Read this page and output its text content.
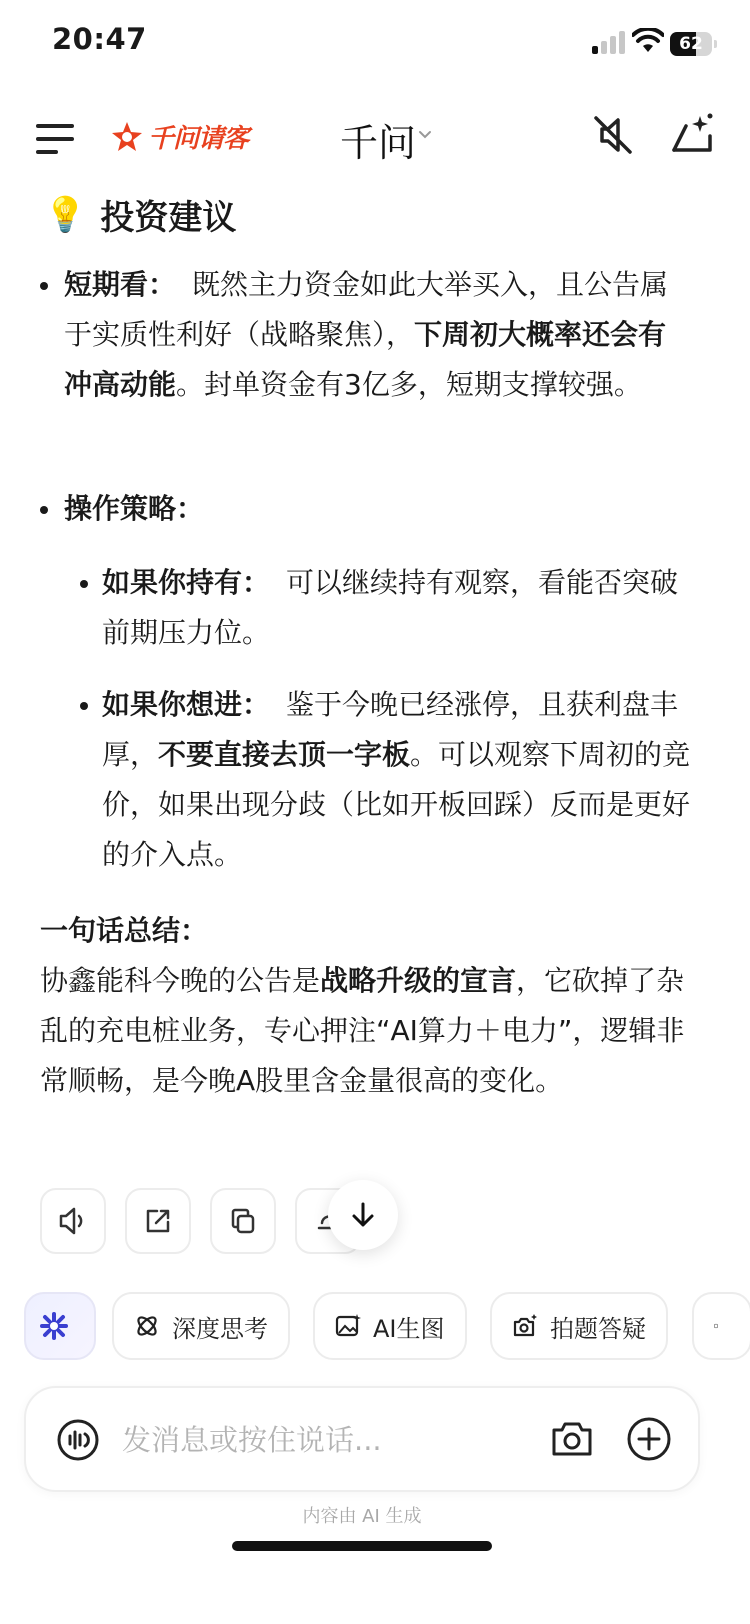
20:47	62
千问请客 千问
💡 投资建议
短期看： 既然主力资金如此大举买入，且公告属于实质性利好（战略聚焦），下周初大概率还会有冲高动能。封单资金有3亿多，短期支撑较强。
操作策略：
如果你持有： 可以继续持有观察，看能否突破前期压力位。
如果你想进： 鉴于今晚已经涨停，且获利盘丰厚，不要直接去顶一字板。可以观察下周初的竞价，如果出现分歧（比如开板回踩）反而是更好的介入点。
一句话总结：
协鑫能科今晚的公告是战略升级的宣言，它砍掉了杂乱的充电桩业务，专心押注“AI算力＋电力”，逻辑非常顺畅，是今晚A股里含金量很高的变化。
深度思考	AI生图	拍题答疑
发消息或按住说话...
内容由 AI 生成
